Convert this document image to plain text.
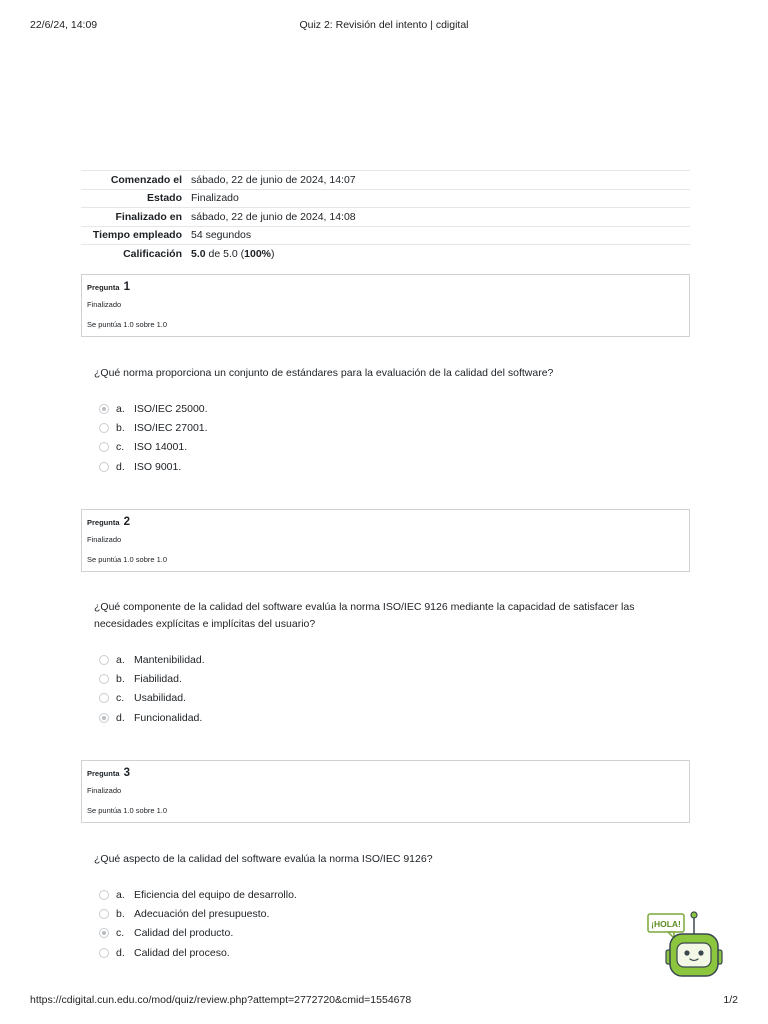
22/6/24, 14:09	Quiz 2: Revisión del intento | cdigital
Comenzado el sábado, 22 de junio de 2024, 14:07
Estado Finalizado
Finalizado en sábado, 22 de junio de 2024, 14:08
Tiempo empleado 54 segundos
Calificación 5.0 de 5.0 (100%)
Pregunta 1
Finalizado
Se puntúa 1.0 sobre 1.0
¿Qué norma proporciona un conjunto de estándares para la evaluación de la calidad del software?
a. ISO/IEC 25000.
b. ISO/IEC 27001.
c. ISO 14001.
d. ISO 9001.
Pregunta 2
Finalizado
Se puntúa 1.0 sobre 1.0
¿Qué componente de la calidad del software evalúa la norma ISO/IEC 9126 mediante la capacidad de satisfacer las
necesidades explícitas e implícitas del usuario?
a. Mantenibilidad.
b. Fiabilidad.
c. Usabilidad.
d. Funcionalidad.
Pregunta 3
Finalizado
Se puntúa 1.0 sobre 1.0
¿Qué aspecto de la calidad del software evalúa la norma ISO/IEC 9126?
a. Eficiencia del equipo de desarrollo.
b. Adecuación del presupuesto.
c. Calidad del producto.
d. Calidad del proceso.
¡HOLA!
https://cdigital.cun.edu.co/mod/quiz/review.php?attempt=2772720&cmid=1554678	1/2
